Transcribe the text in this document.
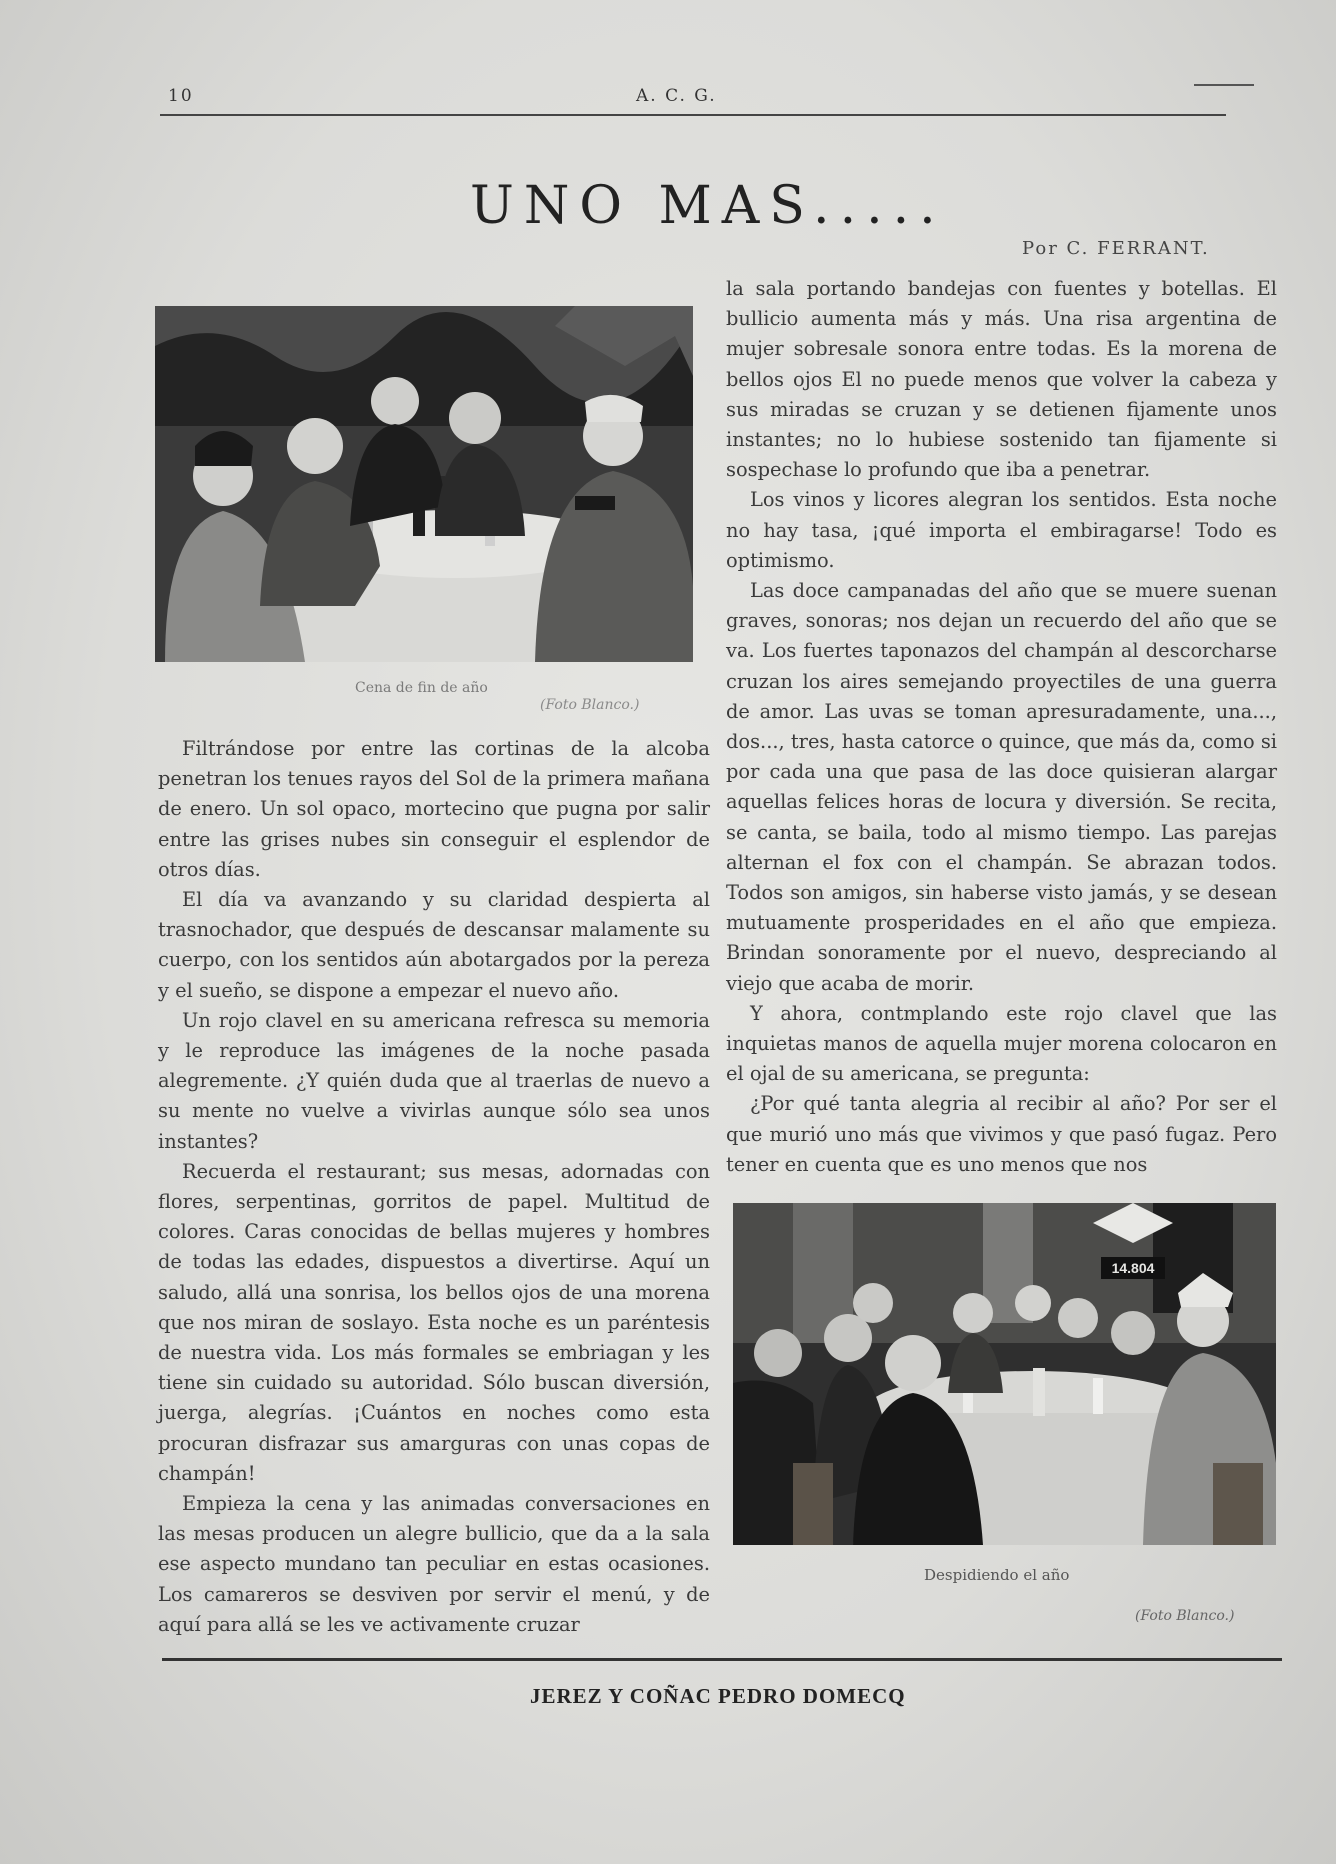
10	A. C. G.
UNO MAS.....
Por C. FERRANT.
Cena de fin de año
(Foto Blanco.)

Filtrándose por entre las cortinas de la alcoba penetran los tenues rayos del Sol de la primera mañana de enero. Un sol opaco, mortecino que pugna por salir entre las grises nubes sin conseguir el esplendor de otros días.

El día va avanzando y su claridad despierta al trasnochador, que después de descansar malamente su cuerpo, con los sentidos aún abotargados por la pereza y el sueño, se dispone a empezar el nuevo año.

Un rojo clavel en su americana refresca su memoria y le reproduce las imágenes de la noche pasada alegremente. ¿Y quién duda que al traerlas de nuevo a su mente no vuelve a vivirlas aunque sólo sea unos instantes?

Recuerda el restaurant; sus mesas, adornadas con flores, serpentinas, gorritos de papel. Multitud de colores. Caras conocidas de bellas mujeres y hombres de todas las edades, dispuestos a divertirse. Aquí un saludo, allá una sonrisa, los bellos ojos de una morena que nos miran de soslayo. Esta noche es un paréntesis de nuestra vida. Los más formales se embriagan y les tiene sin cuidado su autoridad. Sólo buscan diversión, juerga, alegrías. ¡Cuántos en noches como esta procuran disfrazar sus amarguras con unas copas de champán!

Empieza la cena y las animadas conversaciones en las mesas producen un alegre bullicio, que da a la sala ese aspecto mundano tan peculiar en estas ocasiones. Los camareros se desviven por servir el menú, y de aquí para allá se les ve activamente cruzar

la sala portando bandejas con fuentes y botellas. El bullicio aumenta más y más. Una risa argentina de mujer sobresale sonora entre todas. Es la morena de bellos ojos El no puede menos que volver la cabeza y sus miradas se cruzan y se detienen fijamente unos instantes; no lo hubiese sostenido tan fijamente si sospechase lo profundo que iba a penetrar.

Los vinos y licores alegran los sentidos. Esta noche no hay tasa, ¡qué importa el embiragarse! Todo es optimismo.

Las doce campanadas del año que se muere suenan graves, sonoras; nos dejan un recuerdo del año que se va. Los fuertes taponazos del champán al descorcharse cruzan los aires semejando proyectiles de una guerra de amor. Las uvas se toman apresuradamente, una..., dos..., tres, hasta catorce o quince, que más da, como si por cada una que pasa de las doce quisieran alargar aquellas felices horas de locura y diversión. Se recita, se canta, se baila, todo al mismo tiempo. Las parejas alternan el fox con el champán. Se abrazan todos. Todos son amigos, sin haberse visto jamás, y se desean mutuamente prosperidades en el año que empieza. Brindan sonoramente por el nuevo, despreciando al viejo que acaba de morir.

Y ahora, contmplando este rojo clavel que las inquietas manos de aquella mujer morena colocaron en el ojal de su americana, se pregunta:

¿Por qué tanta alegria al recibir al año? Por ser el que murió uno más que vivimos y que pasó fugaz. Pero tener en cuenta que es uno menos que nos

14.804
Despidiendo el año
(Foto Blanco.)
JEREZ Y COÑAC PEDRO DOMECQ
